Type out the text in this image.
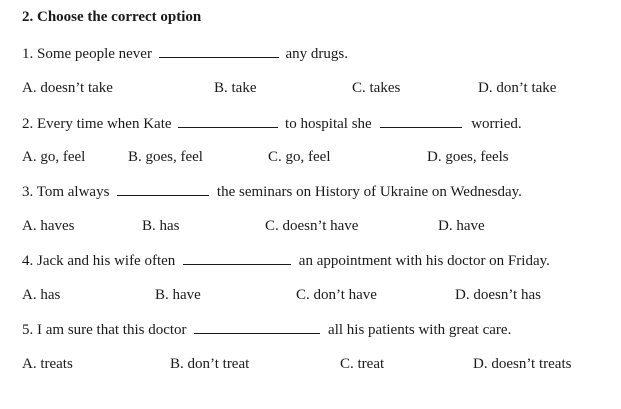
2. Choose the correct option
1. Some people never	any drugs.
A. doesn’t take	B. take	C. takes	D. don’t take
2. Every time when Kate	to hospital she	worried.
A. go, feel	B. goes, feel	C. go, feel	D. goes, feels
3. Tom always	the seminars on History of Ukraine on Wednesday.
A. haves	B. has	C. doesn’t have	D. have
4. Jack and his wife often	an appointment with his doctor on Friday.
A. has	B. have	C. don’t have	D. doesn’t has
5. I am sure that this doctor	all his patients with great care.
A. treats	B. don’t treat	C. treat	D. doesn’t treats
